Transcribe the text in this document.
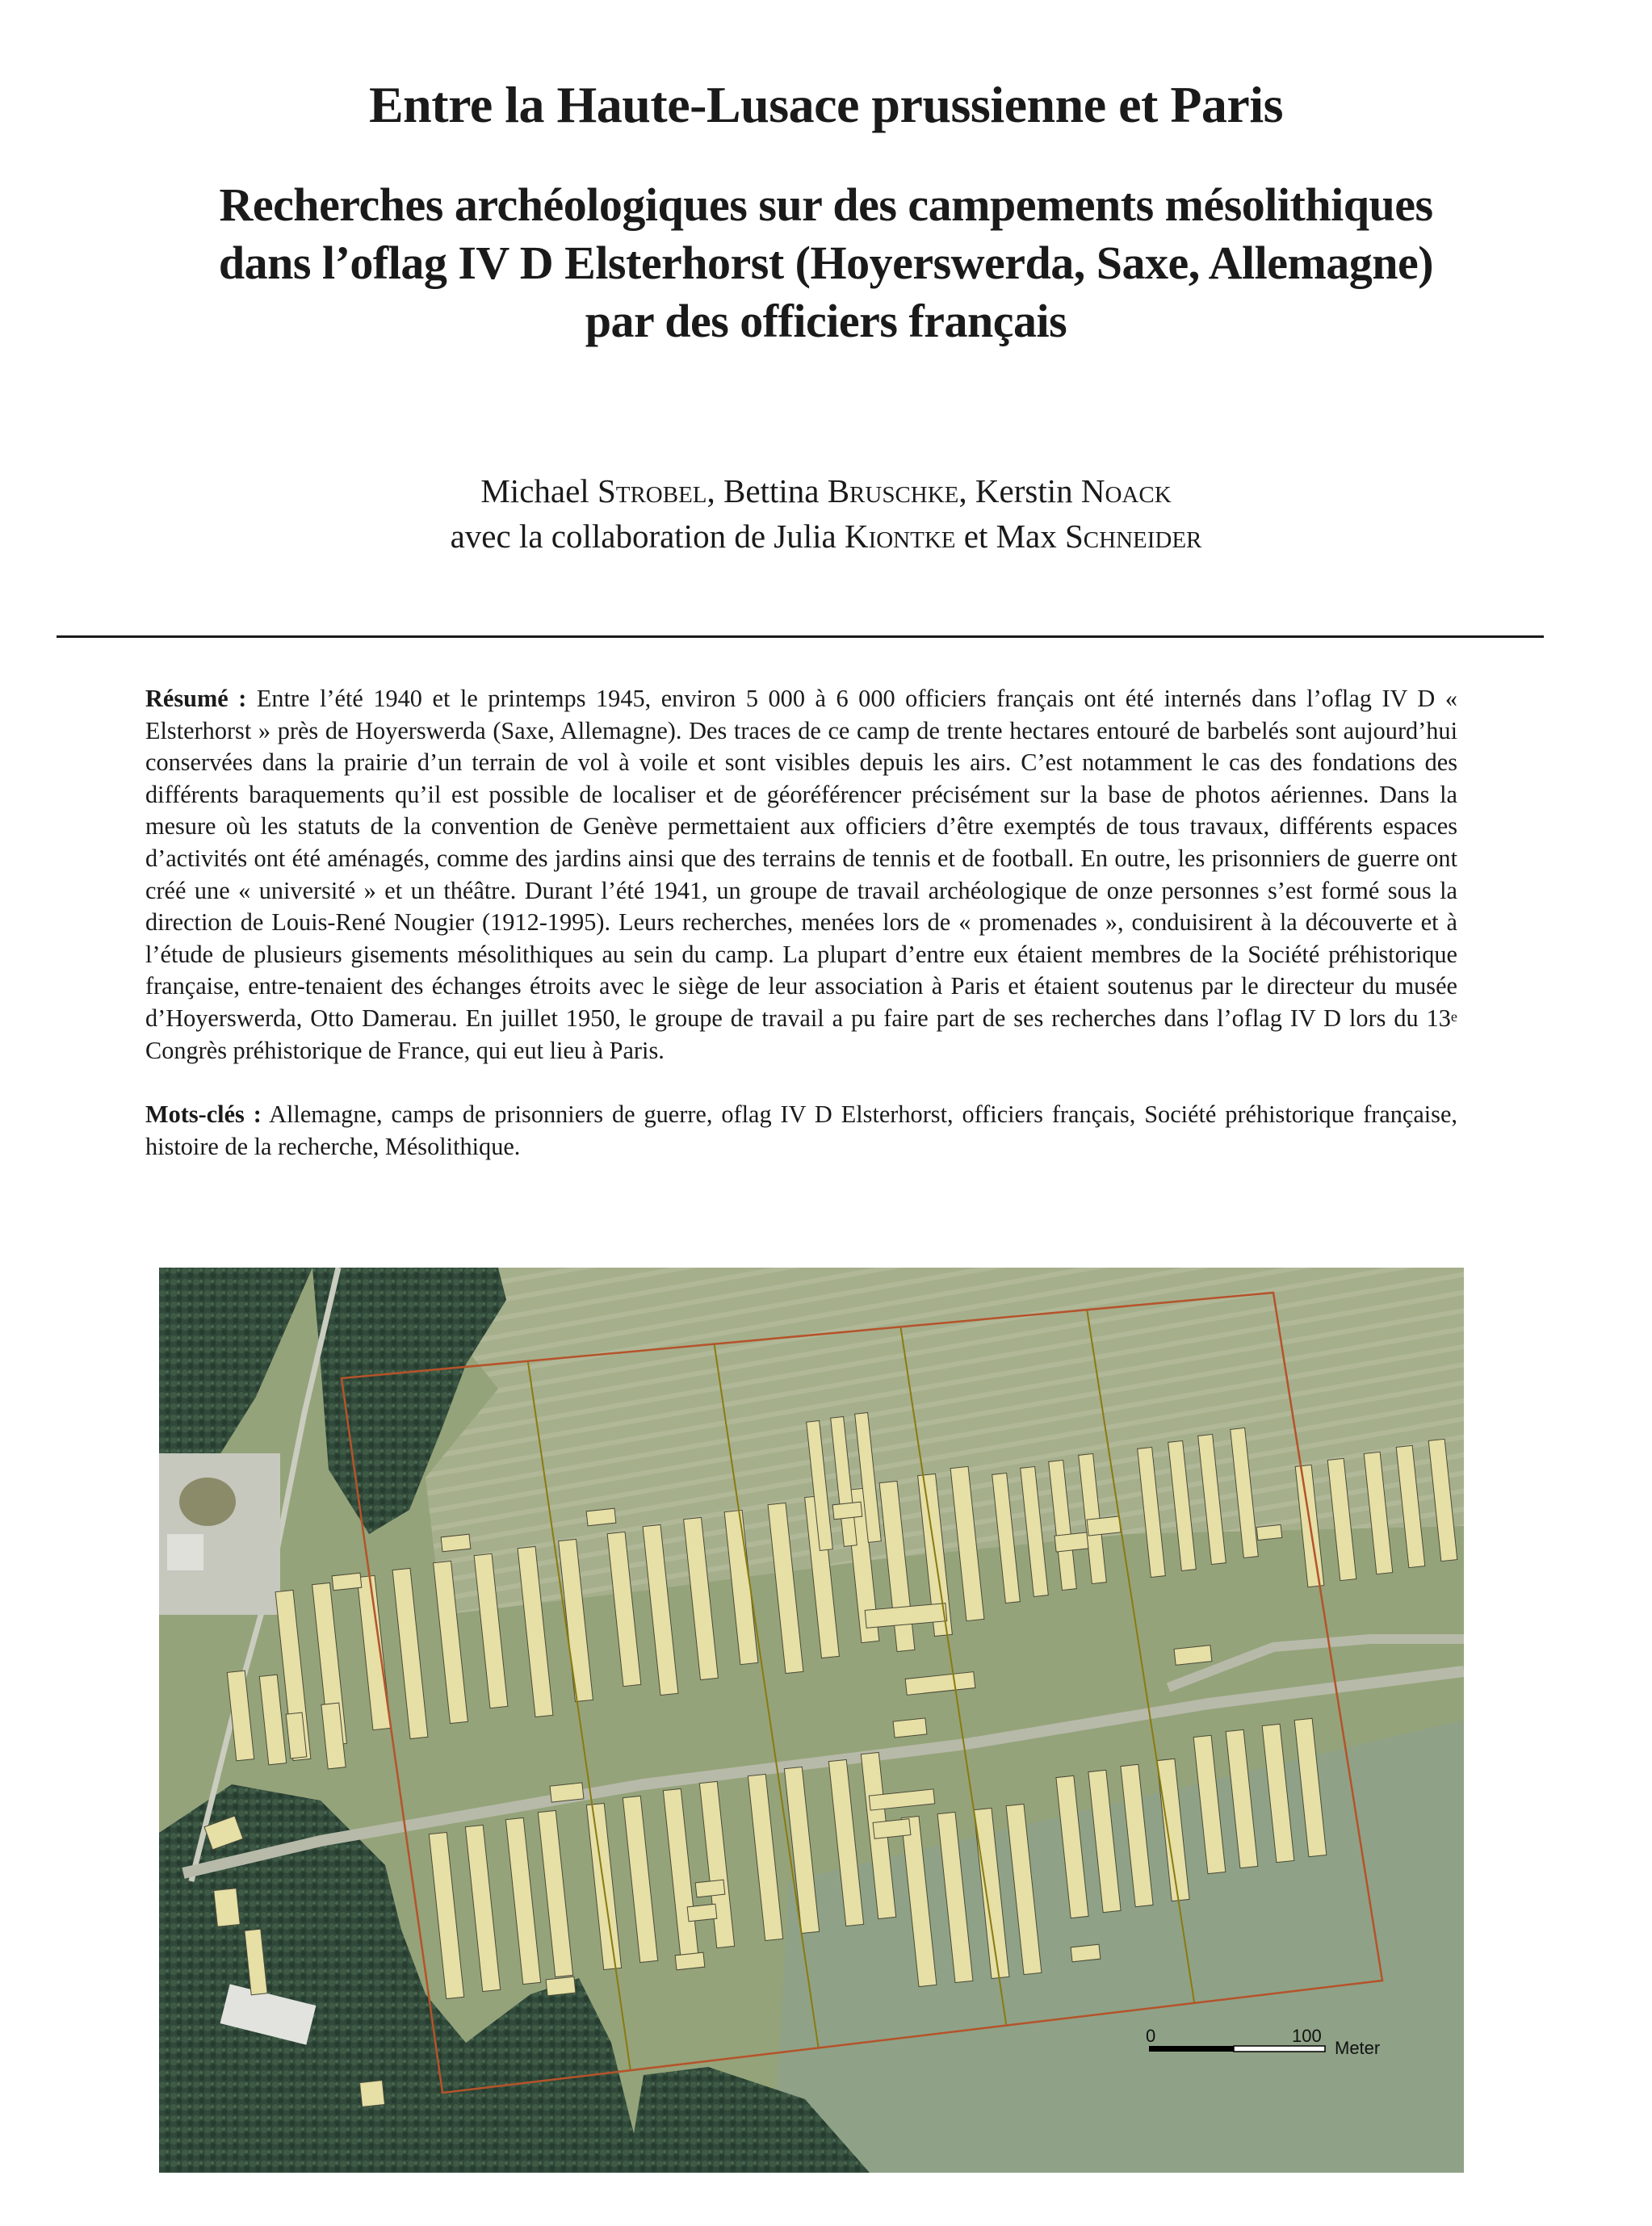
Entre la Haute-Lusace prussienne et Paris
Recherches archéologiques sur des campements mésolithiques
dans l’oflag IV D Elsterhorst (Hoyerswerda, Saxe, Allemagne)
par des officiers français
Michael Strobel, Bettina Bruschke, Kerstin Noack
avec la collaboration de Julia Kiontke et Max Schneider

Résumé : Entre l’été 1940 et le printemps 1945, environ 5 000 à 6 000 officiers français ont été internés dans l’oflag IV D « Elsterhorst » près de Hoyerswerda (Saxe, Allemagne). Des traces de ce camp de trente hectares entouré de barbelés sont aujourd’hui conservées dans la prairie d’un terrain de vol à voile et sont visibles depuis les airs. C’est notamment le cas des fondations des différents baraquements qu’il est possible de localiser et de géoréférencer précisément sur la base de photos aériennes. Dans la mesure où les statuts de la convention de Genève permettaient aux officiers d’être exemptés de tous travaux, différents espaces d’activités ont été aménagés, comme des jardins ainsi que des terrains de tennis et de football. En outre, les prisonniers de guerre ont créé une « université » et un théâtre. Durant l’été 1941, un groupe de travail archéologique de onze personnes s’est formé sous la direction de Louis-René Nougier (1912-1995). Leurs recherches, menées lors de « promenades », conduisirent à la découverte et à l’étude de plusieurs gisements mésolithiques au sein du camp. La plupart d’entre eux étaient membres de la Société préhistorique française, entre-tenaient des échanges étroits avec le siège de leur association à Paris et étaient soutenus par le directeur du musée d’Hoyerswerda, Otto Damerau. En juillet 1950, le groupe de travail a pu faire part de ses recherches dans l’oflag IV D lors du 13e Congrès préhistorique de France, qui eut lieu à Paris.

Mots-clés : Allemagne, camps de prisonniers de guerre, oflag IV D Elsterhorst, officiers français, Société préhistorique française, histoire de la recherche, Mésolithique.

0	100
Meter
